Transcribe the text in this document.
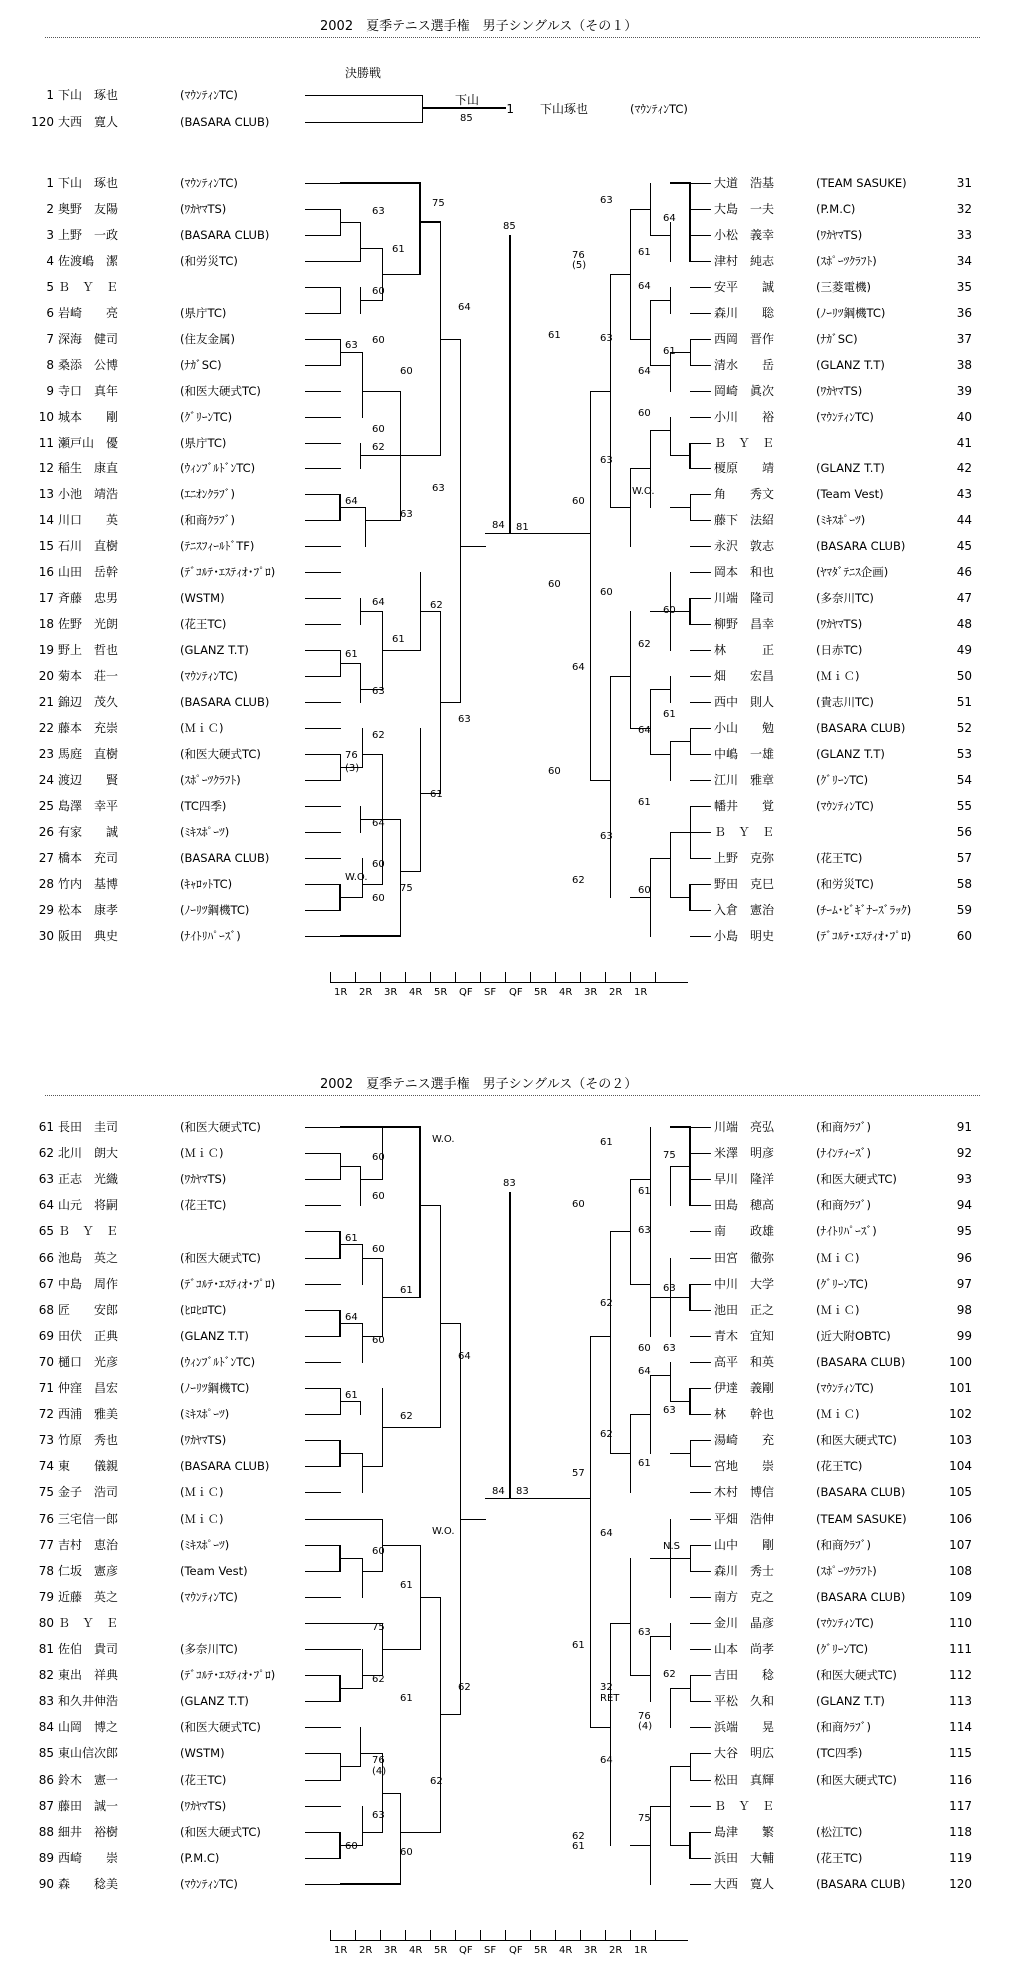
2002　夏季テニス選手権　男子シングルス（その１）
決勝戦
1 下山　琢也	(ﾏｳﾝﾃｨﾝTC)
120 大西　寛人	(BASARA CLUB)
下山
85
1 下山琢也	(ﾏｳﾝﾃｨﾝTC)
1 下山　琢也	(ﾏｳﾝﾃｨﾝTC)
2 奥野　友陽	(ﾜｶﾔﾏTS)
3 上野　一政	(BASARA CLUB)
4 佐渡嶋　潔	(和労災TC)
5 Ｂ　Ｙ　Ｅ
6 岩崎　　亮	(県庁TC)
7 深海　健司	(住友金属)
8 桑添　公博	(ﾅｶﾞSC)
9 寺口　真年	(和医大硬式TC)
10 城本　　剛	(ｸﾞﾘｰﾝTC)
11 瀬戸山　優	(県庁TC)
12 稲生　康直	(ｳｨﾝﾌﾞﾙﾄﾞﾝTC)
13 小池　靖浩	(ｴﾆｵﾝｸﾗﾌﾞ)
14 川口　　英	(和商ｸﾗﾌﾞ)
15 石川　直樹	(ﾃﾆｽﾌｨｰﾙﾄﾞTF)
16 山田　岳幹	(ﾃﾞｺﾙﾃ･ｴｽﾃｨｵ･ﾌﾟﾛ)
17 斉藤　忠男	(WSTM)
18 佐野　光朗	(花王TC)
19 野上　哲也	(GLANZ T.T)
20 菊本　荘一	(ﾏｳﾝﾃｨﾝTC)
21 錦辺　茂久	(BASARA CLUB)
22 藤本　充崇	(ＭｉＣ)
23 馬庭　直樹	(和医大硬式TC)
24 渡辺　　賢	(ｽﾎﾟｰﾂｸﾗﾌﾄ)
25 島澤　幸平	(TC四季)
26 有家　　誠	(ﾐｷｽﾎﾟｰﾂ)
27 橋本　充司	(BASARA CLUB)
28 竹内　基博	(ｷｬﾛｯﾄTC)
29 松本　康孝	(ﾉｰﾘﾂ鋼機TC)
30 阪田　典史	(ﾅｲﾄﾘﾊﾟｰｽﾞ)
大道　浩基	(TEAM SASUKE)	31
大島　一夫	(P.M.C)	32
小松　義幸	(ﾜｶﾔﾏTS)	33
津村　純志	(ｽﾎﾟｰﾂｸﾗﾌﾄ)	34
安平　　誠	(三菱電機)	35
森川　　聡	(ﾉｰﾘﾂ鋼機TC)	36
西岡　晋作	(ﾅｶﾞSC)	37
清水　　岳	(GLANZ T.T)	38
岡崎　眞次	(ﾜｶﾔﾏTS)	39
小川　　裕	(ﾏｳﾝﾃｨﾝTC)	40
Ｂ　Ｙ　Ｅ	41
榎原　　靖	(GLANZ T.T)	42
角　　秀文	(Team Vest)	43
藤下　法紹	(ﾐｷｽﾎﾟｰﾂ)	44
永沢　敦志	(BASARA CLUB)	45
岡本　和也	(ﾔﾏﾀﾞﾃﾆｽ企画)	46
川端　隆司	(多奈川TC)	47
柳野　昌幸	(ﾜｶﾔﾏTS)	48
林　　　正	(日赤TC)	49
畑　　宏昌	(ＭｉＣ)	50
西中　則人	(貴志川TC)	51
小山　　勉	(BASARA CLUB)	52
中嶋　一雄	(GLANZ T.T)	53
江川　雅章	(ｸﾞﾘｰﾝTC)	54
幡井　　覚	(ﾏｳﾝﾃｨﾝTC)	55
Ｂ　Ｙ　Ｅ	56
上野　克弥	(花王TC)	57
野田　克巳	(和労災TC)	58
入倉　憲治	(ﾁｰﾑ･ﾋﾞｷﾞﾅｰｽﾞﾗｯｸ)	59
小島　明史	(ﾃﾞｺﾙﾃ･ｴｽﾃｨｵ･ﾌﾟﾛ)	60
75
63
61
60
64
60
63
60
60
63
62
64
63
84
64	62
61
61
63
63
62
76
(3)
64
61
60
W.O.
75
60
85
81
63
64
61
76
(5)
64
63
61
61
64
60
63
W.O.
60
60
60
60
62
64
61
64
60
61
63
60
62
1R 2R 3R 4R 5R QF SF QF 5R 4R 3R 2R 1R
2002　夏季テニス選手権　男子シングルス（その２）
61 長田　圭司	(和医大硬式TC)
62 北川　朗大	(ＭｉＣ)
63 正志　光織	(ﾜｶﾔﾏTS)
64 山元　将嗣	(花王TC)
65 Ｂ　Ｙ　Ｅ
66 池島　英之	(和医大硬式TC)
67 中島　周作	(ﾃﾞｺﾙﾃ･ｴｽﾃｨｵ･ﾌﾟﾛ)
68 匠　　安郎	(ﾋﾛﾋﾛTC)
69 田伏　正典	(GLANZ T.T)
70 樋口　光彦	(ｳｨﾝﾌﾞﾙﾄﾞﾝTC)
71 仲窪　昌宏	(ﾉｰﾘﾂ鋼機TC)
72 西浦　雅美	(ﾐｷｽﾎﾟｰﾂ)
73 竹原　秀也	(ﾜｶﾔﾏTS)
74 東　　儀親	(BASARA CLUB)
75 金子　浩司	(ＭｉＣ)
76 三宅信一郎	(ＭｉＣ)
77 吉村　恵治	(ﾐｷｽﾎﾟｰﾂ)
78 仁坂　憲彦	(Team Vest)
79 近藤　英之	(ﾏｳﾝﾃｨﾝTC)
80 Ｂ　Ｙ　Ｅ
81 佐伯　貴司	(多奈川TC)
82 東出　祥典	(ﾃﾞｺﾙﾃ･ｴｽﾃｨｵ･ﾌﾟﾛ)
83 和久井伸浩	(GLANZ T.T)
84 山岡　博之	(和医大硬式TC)
85 東山信次郎	(WSTM)
86 鈴木　憲一	(花王TC)
87 藤田　誠一	(ﾜｶﾔﾏTS)
88 細井　裕樹	(和医大硬式TC)
89 西崎　　崇	(P.M.C)
90 森　　稔美	(ﾏｳﾝﾃｨﾝTC)
川端　亮弘	(和商ｸﾗﾌﾞ)	91
米澤　明彦	(ﾅｲﾝﾃｨｰｽﾞ)	92
早川　隆洋	(和医大硬式TC)	93
田島　穂高	(和商ｸﾗﾌﾞ)	94
南　　政雄	(ﾅｲﾄﾘﾊﾟｰｽﾞ)	95
田宮　徹弥	(ＭｉＣ)	96
中川　大学	(ｸﾞﾘｰﾝTC)	97
池田　正之	(ＭｉＣ)	98
青木　宜知	(近大附OBTC)	99
高平　和英	(BASARA CLUB)	100
伊達　義剛	(ﾏｳﾝﾃｨﾝTC)	101
林　　幹也	(ＭｉＣ)	102
湯崎　　充	(和医大硬式TC)	103
宮地　　崇	(花王TC)	104
木村　博信	(BASARA CLUB)	105
平畑　浩伸	(TEAM SASUKE)	106
山中　　剛	(和商ｸﾗﾌﾞ)	107
森川　秀士	(ｽﾎﾟｰﾂｸﾗﾌﾄ)	108
南方　克之	(BASARA CLUB)	109
金川　晶彦	(ﾏｳﾝﾃｨﾝTC)	110
山本　尚孝	(ｸﾞﾘｰﾝTC)	111
吉田　　稔	(和医大硬式TC)	112
平松　久和	(GLANZ T.T)	113
浜端　　晃	(和商ｸﾗﾌﾞ)	114
大谷　明広	(TC四季)	115
松田　真輝	(和医大硬式TC)	116
Ｂ　Ｙ　Ｅ	117
島津　　繁	(松江TC)	118
浜田　大輔	(花王TC)	119
大西　寛人	(BASARA CLUB)	120
W.O.
60
60
61
60
64
61
60
64
61
62
84
W.O.
60
61
75
62
62
61
76
(4)
62
63
60	60
83
83
61
75
61
60
63
63
62
63
60
64
63
62
61
57
64
N.S
63
61
62
32
RET
76
(4)
64
75
61
62
1R 2R 3R 4R 5R QF SF QF 5R 4R 3R 2R 1R
